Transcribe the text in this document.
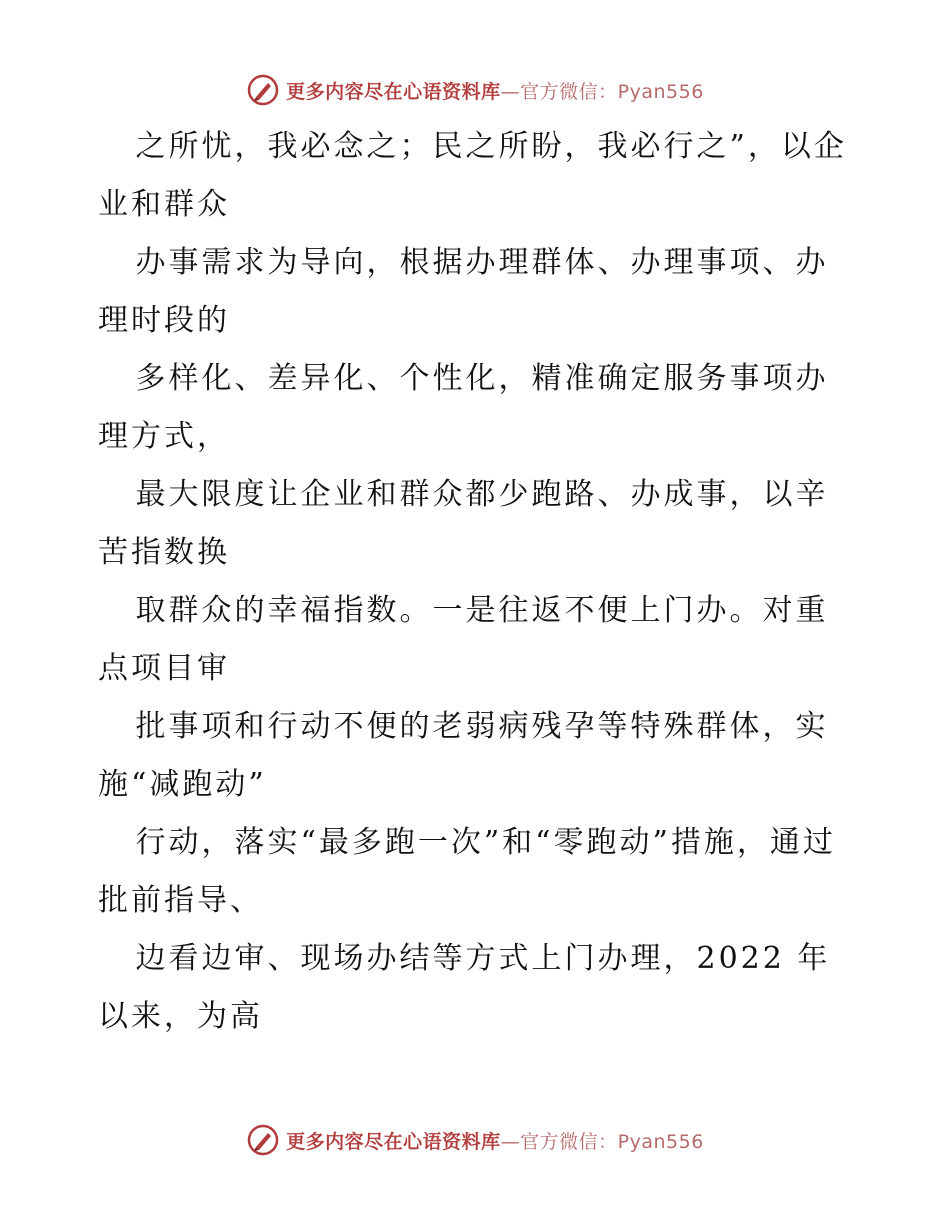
更多内容尽在心语资料库—官方微信：Pyan556

之所忧，我必念之；民之所盼，我必行之”，以企业和群众

办事需求为导向，根据办理群体、办理事项、办理时段的

多样化、差异化、个性化，精准确定服务事项办理方式，

最大限度让企业和群众都少跑路、办成事，以辛苦指数换

取群众的幸福指数。一是往返不便上门办。对重点项目审

批事项和行动不便的老弱病残孕等特殊群体，实施“减跑动”

行动，落实“最多跑一次”和“零跑动”措施，通过批前指导、

边看边审、现场办结等方式上门办理，2022 年以来，为高

更多内容尽在心语资料库—官方微信：Pyan556
